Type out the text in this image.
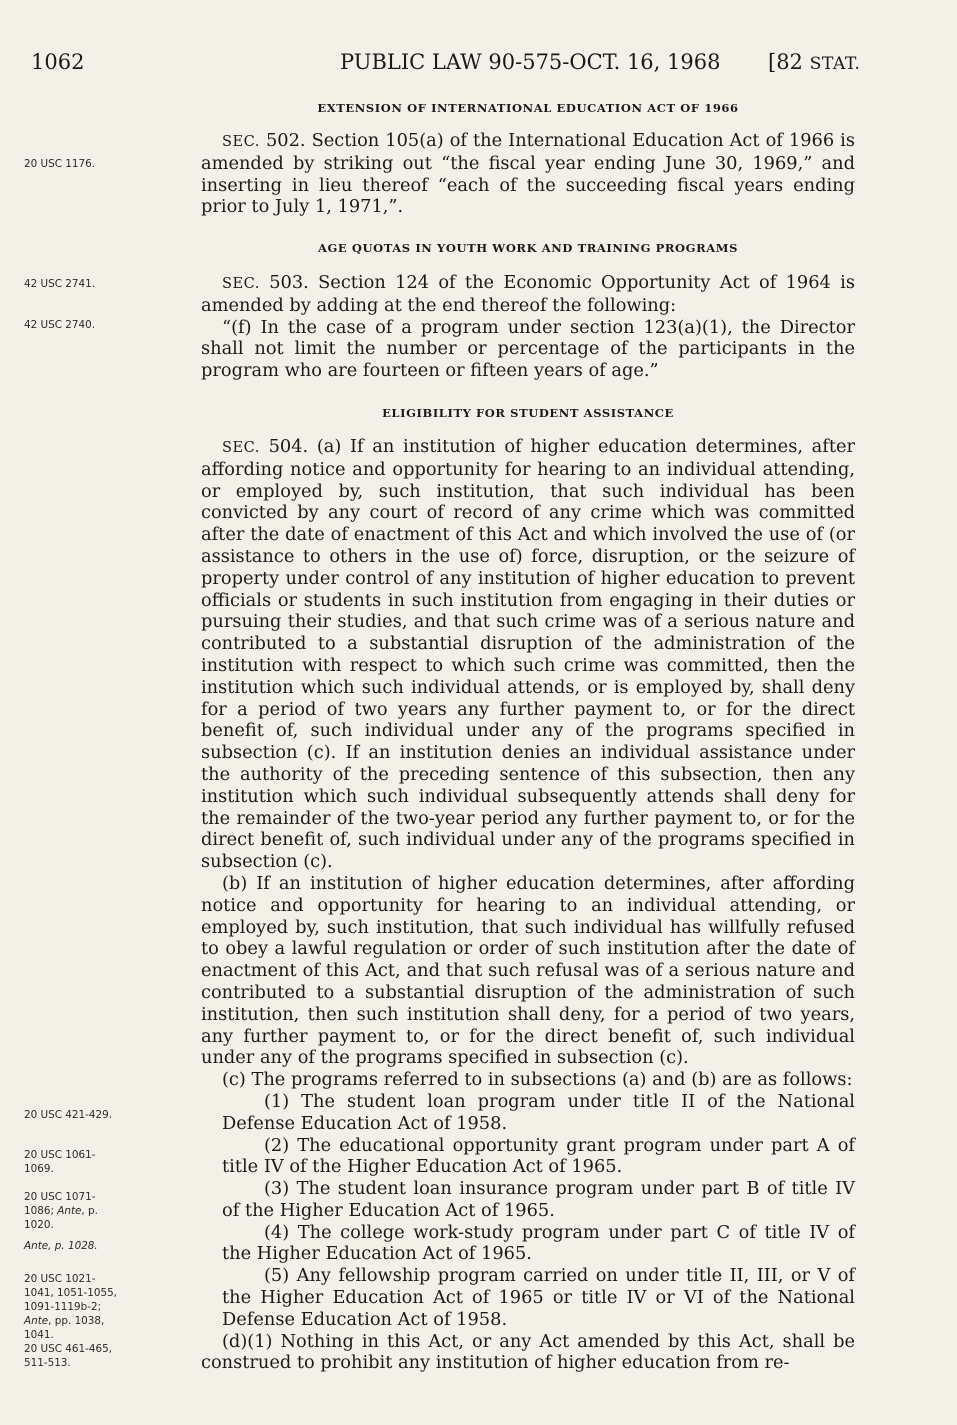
1062	PUBLIC LAW 90-575-OCT. 16, 1968 [82 STAT.
EXTENSION OF INTERNATIONAL EDUCATION ACT OF 1966

SEC. 502. Section 105(a) of the International Education Act of 1966 is amended by striking out “the fiscal year ending June 30, 1969,” and inserting in lieu thereof “each of the succeeding fiscal years ending prior to July 1, 1971,”.

AGE QUOTAS IN YOUTH WORK AND TRAINING PROGRAMS

SEC. 503. Section 124 of the Economic Opportunity Act of 1964 is amended by adding at the end thereof the following:

“(f) In the case of a program under section 123(a)(1), the Director shall not limit the number or percentage of the participants in the program who are fourteen or fifteen years of age.”

ELIGIBILITY FOR STUDENT ASSISTANCE

SEC. 504. (a) If an institution of higher education determines, after affording notice and opportunity for hearing to an individual attending, or employed by, such institution, that such individual has been convicted by any court of record of any crime which was committed after the date of enactment of this Act and which involved the use of (or assistance to others in the use of) force, disruption, or the seizure of property under control of any institution of higher education to prevent officials or students in such institution from engaging in their duties or pursuing their studies, and that such crime was of a serious nature and contributed to a substantial disruption of the administration of the institution with respect to which such crime was committed, then the institution which such individual attends, or is employed by, shall deny for a period of two years any further payment to, or for the direct benefit of, such individual under any of the programs specified in subsection (c). If an institution denies an individual assistance under the authority of the preceding sentence of this subsection, then any institution which such individual subsequently attends shall deny for the remainder of the two-year period any further payment to, or for the direct benefit of, such individual under any of the programs specified in subsection (c).

(b) If an institution of higher education determines, after affording notice and opportunity for hearing to an individual attending, or employed by, such institution, that such individual has willfully refused to obey a lawful regulation or order of such institution after the date of enactment of this Act, and that such refusal was of a serious nature and contributed to a substantial disruption of the administration of such institution, then such institution shall deny, for a period of two years, any further payment to, or for the direct benefit of, such individual under any of the programs specified in subsection (c).

(c) The programs referred to in subsections (a) and (b) are as follows:

(1) The student loan program under title II of the National Defense Education Act of 1958.

(2) The educational opportunity grant program under part A of title IV of the Higher Education Act of 1965.

(3) The student loan insurance program under part B of title IV of the Higher Education Act of 1965.

(4) The college work-study program under part C of title IV of the Higher Education Act of 1965.

(5) Any fellowship program carried on under title II, III, or V of the Higher Education Act of 1965 or title IV or VI of the National Defense Education Act of 1958.

(d)(1) Nothing in this Act, or any Act amended by this Act, shall be construed to prohibit any institution of higher education from re-

20 USC 1176.
42 USC 2741.
42 USC 2740.
20 USC 421-429.
20 USC 1061-
1069.
20 USC 1071-
1086; Ante, p.
1020.
Ante, p. 1028.
20 USC 1021-
1041, 1051-1055,
1091-1119b-2;
Ante, pp. 1038,
1041.
20 USC 461-465,
511-513.
